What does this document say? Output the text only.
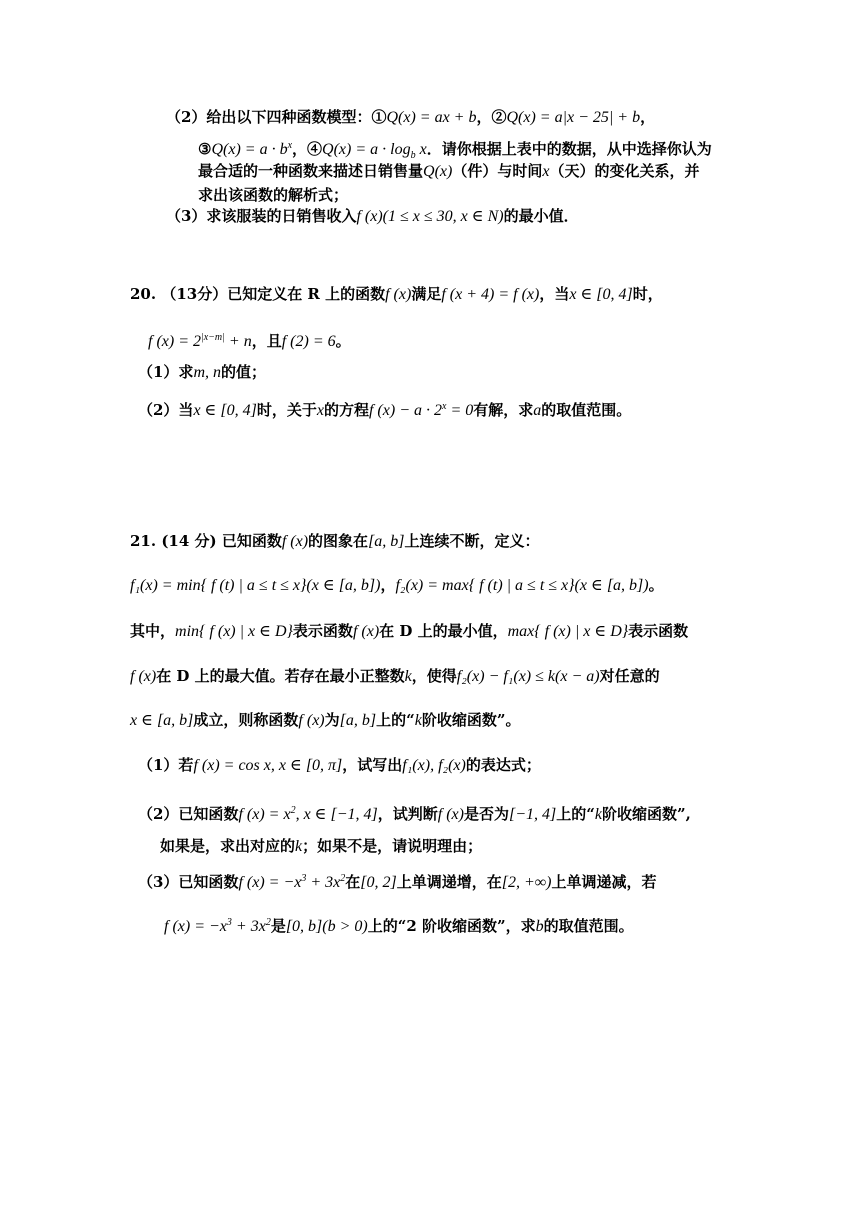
（2）给出以下四种函数模型：①Q(x) = ax + b，②Q(x) = a|x − 25| + b，
③Q(x) = $a \cdot b^x$，④Q(x) = $a \cdot \log_b x$．请你根据上表中的数据，从中选择你认为
最合适的一种函数来描述日销售量Q(x)（件）与时间x（天）的变化关系，并
求出该函数的解析式；
（3）求该服装的日销售收入f (x)(1 ≤ x ≤ 30, x ∈ N)的最小值．
20. （13分）已知定义在 R 上的函数f (x)满足f (x + 4) = f (x)，当x ∈ [0, 4]时，
f $(x) = 2^{|x-m|} + n$，且f (2) = 6。
（1）求m, n的值；
（2）当x ∈ [0, 4]时，关于x的方程f $(x) - a \cdot 2^x = 0$有解，求a的取值范围。
21. (14 分) 已知函数f (x)的图象在[a, b]上连续不断，定义：
f₁(x) = min{ f (t) | a ≤ t ≤ x}(x ∈ [a, b])，f₂(x) = max{ f (t) | a ≤ t ≤ x}(x ∈ [a, b])。
其中，min{ f (x) | x ∈ D}表示函数f (x)在 D 上的最小值，max{ f (x) | x ∈ D}表示函数
f (x)在 D 上的最大值。若存在最小正整数k，使得f₂(x) − f₁(x) ≤ k(x − a)对任意的
x ∈ [a, b]成立，则称函数f (x)为[a, b]上的“k阶收缩函数”。
（1）若f (x) = cos x, x ∈ [0, π]，试写出f₁(x), f₂(x)的表达式；
（2）已知函数f $(x) = x^2$, x ∈ [−1, 4]，试判断f (x)是否为[−1, 4]上的“k阶收缩函数”,
如果是，求出对应的k；如果不是，请说明理由；
（3）已知函数f $(x) = -x^3 + 3x^2$在[0, 2]上单调递增，在[2, +∞)上单调递减，若
f $(x) = -x^3 + 3x^2$是[0, b](b > 0)上的“2 阶收缩函数”，求b的取值范围。
